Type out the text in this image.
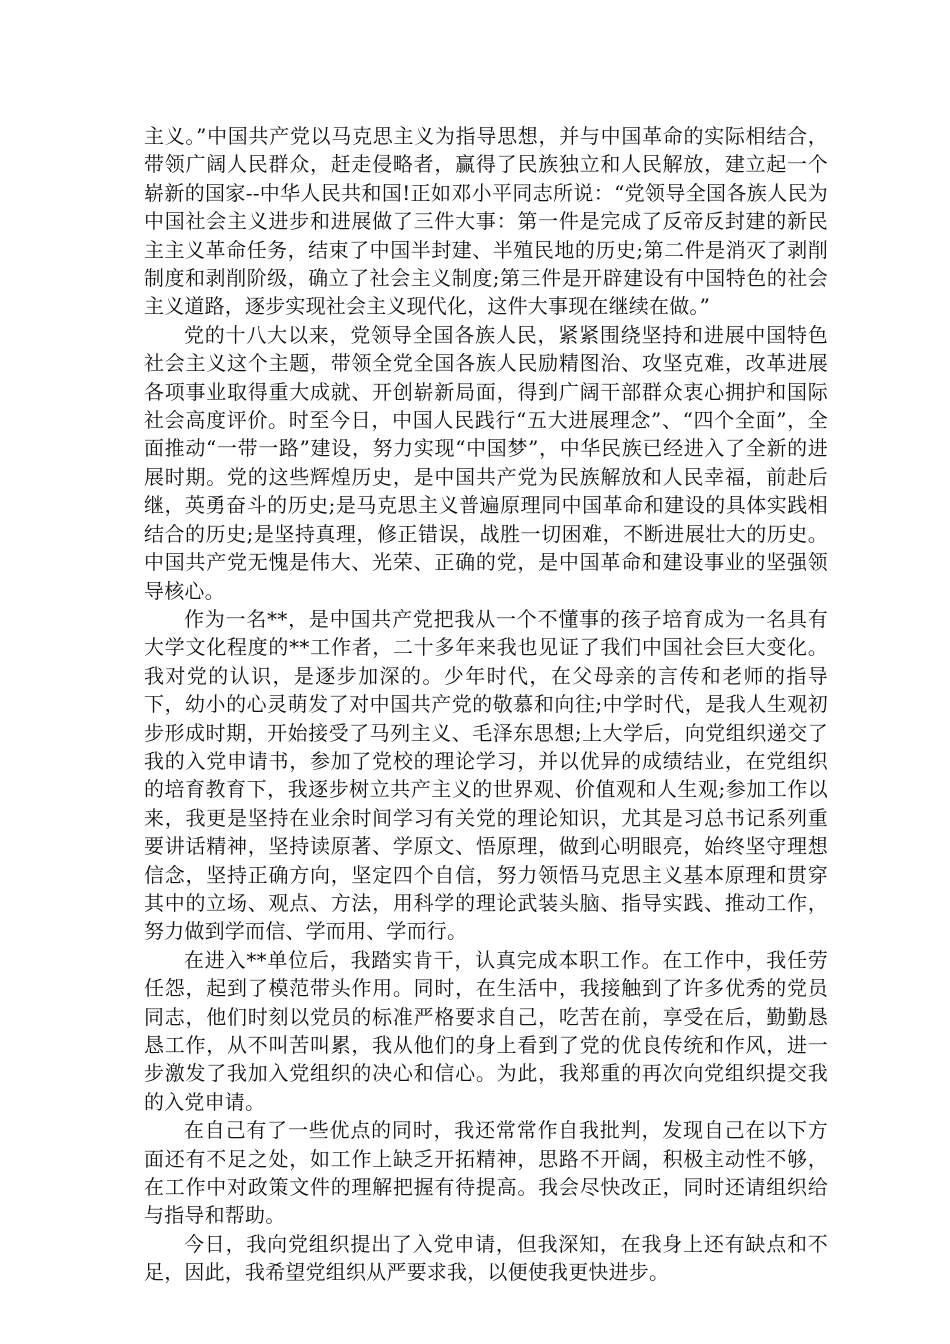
主义。”中国共产党以马克思主义为指导思想，并与中国革命的实际相结合，带领广阔人民群众，赶走侵略者，赢得了民族独立和人民解放，建立起一个崭新的国家--中华人民共和国!正如邓小平同志所说：“党领导全国各族人民为中国社会主义进步和进展做了三件大事：第一件是完成了反帝反封建的新民主主义革命任务，结束了中国半封建、半殖民地的历史;第二件是消灭了剥削制度和剥削阶级，确立了社会主义制度;第三件是开辟建设有中国特色的社会主义道路，逐步实现社会主义现代化，这件大事现在继续在做。”

党的十八大以来，党领导全国各族人民，紧紧围绕坚持和进展中国特色社会主义这个主题，带领全党全国各族人民励精图治、攻坚克难，改革进展各项事业取得重大成就、开创崭新局面，得到广阔干部群众衷心拥护和国际社会高度评价。时至今日，中国人民践行“五大进展理念”、“四个全面”，全面推动“一带一路”建设，努力实现“中国梦”，中华民族已经进入了全新的进展时期。党的这些辉煌历史，是中国共产党为民族解放和人民幸福，前赴后继，英勇奋斗的历史;是马克思主义普遍原理同中国革命和建设的具体实践相结合的历史;是坚持真理，修正错误，战胜一切困难，不断进展壮大的历史。中国共产党无愧是伟大、光荣、正确的党，是中国革命和建设事业的坚强领导核心。

作为一名**，是中国共产党把我从一个不懂事的孩子培育成为一名具有大学文化程度的**工作者，二十多年来我也见证了我们中国社会巨大变化。我对党的认识，是逐步加深的。少年时代，在父母亲的言传和老师的指导下，幼小的心灵萌发了对中国共产党的敬慕和向往;中学时代，是我人生观初步形成时期，开始接受了马列主义、毛泽东思想;上大学后，向党组织递交了我的入党申请书，参加了党校的理论学习，并以优异的成绩结业，在党组织的培育教育下，我逐步树立共产主义的世界观、价值观和人生观;参加工作以来，我更是坚持在业余时间学习有关党的理论知识，尤其是习总书记系列重要讲话精神，坚持读原著、学原文、悟原理，做到心明眼亮，始终坚守理想信念，坚持正确方向，坚定四个自信，努力领悟马克思主义基本原理和贯穿其中的立场、观点、方法，用科学的理论武装头脑、指导实践、推动工作，努力做到学而信、学而用、学而行。

在进入**单位后，我踏实肯干，认真完成本职工作。在工作中，我任劳任怨，起到了模范带头作用。同时，在生活中，我接触到了许多优秀的党员同志，他们时刻以党员的标准严格要求自己，吃苦在前，享受在后，勤勤恳恳工作，从不叫苦叫累，我从他们的身上看到了党的优良传统和作风，进一步激发了我加入党组织的决心和信心。为此，我郑重的再次向党组织提交我的入党申请。

在自己有了一些优点的同时，我还常常作自我批判，发现自己在以下方面还有不足之处，如工作上缺乏开拓精神，思路不开阔，积极主动性不够，在工作中对政策文件的理解把握有待提高。我会尽快改正，同时还请组织给与指导和帮助。

今日，我向党组织提出了入党申请，但我深知，在我身上还有缺点和不足，因此，我希望党组织从严要求我，以便使我更快进步。
